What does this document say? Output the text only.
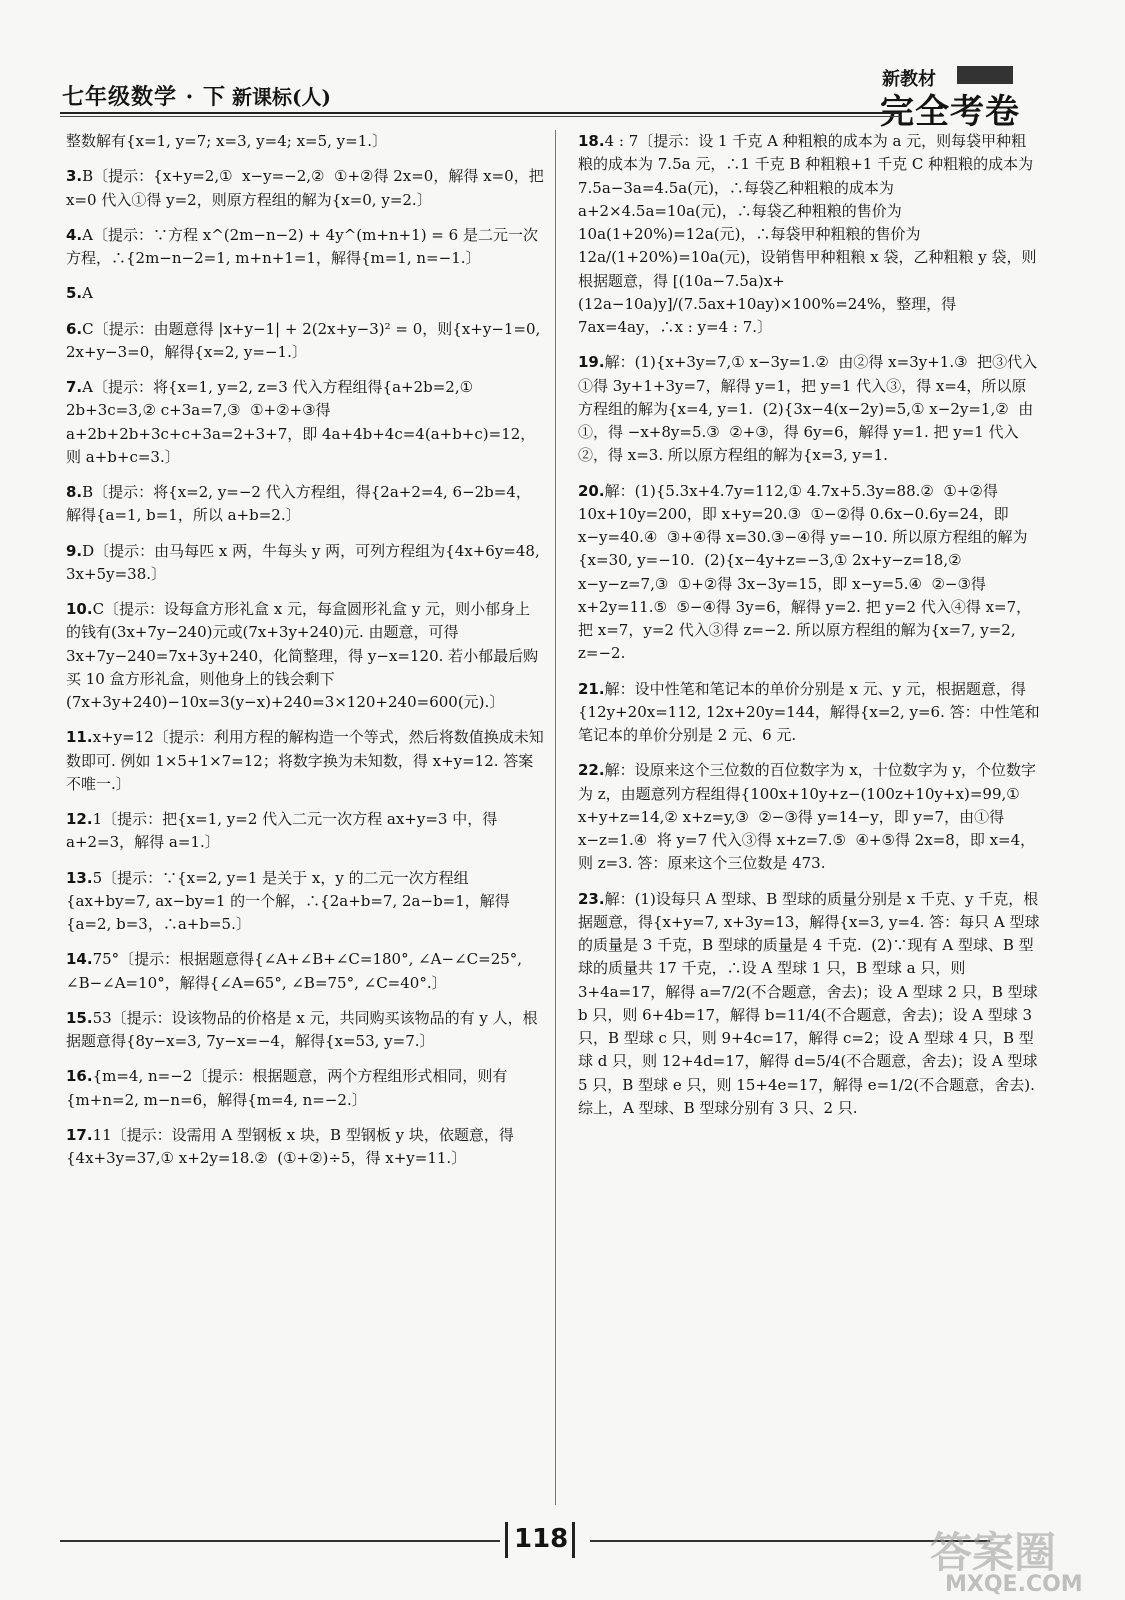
七年级数学 · 下 新课标(人)
新教材
完全考卷

整数解有{x=1, y=7; x=3, y=4; x=5, y=1.〕

3.B〔提示：{x+y=2,①  x−y=−2,②  ①+②得 2x=0，解得 x=0，把 x=0 代入①得 y=2，则原方程组的解为{x=0, y=2.〕

4.A〔提示：∵方程 x^(2m−n−2) + 4y^(m+n+1) = 6 是二元一次方程，∴{2m−n−2=1, m+n+1=1，解得{m=1, n=−1.〕

5.A

6.C〔提示：由题意得 |x+y−1| + 2(2x+y−3)² = 0，则{x+y−1=0, 2x+y−3=0，解得{x=2, y=−1.〕

7.A〔提示：将{x=1, y=2, z=3 代入方程组得{a+2b=2,① 2b+3c=3,② c+3a=7,③  ①+②+③得 a+2b+2b+3c+c+3a=2+3+7，即 4a+4b+4c=4(a+b+c)=12，则 a+b+c=3.〕

8.B〔提示：将{x=2, y=−2 代入方程组，得{2a+2=4, 6−2b=4，解得{a=1, b=1，所以 a+b=2.〕

9.D〔提示：由马每匹 x 两，牛每头 y 两，可列方程组为{4x+6y=48, 3x+5y=38.〕

10.C〔提示：设每盒方形礼盒 x 元，每盒圆形礼盒 y 元，则小郁身上的钱有(3x+7y−240)元或(7x+3y+240)元. 由题意，可得 3x+7y−240=7x+3y+240，化简整理，得 y−x=120. 若小郁最后购买 10 盒方形礼盒，则他身上的钱会剩下(7x+3y+240)−10x=3(y−x)+240=3×120+240=600(元).〕

11.x+y=12〔提示：利用方程的解构造一个等式，然后将数值换成未知数即可. 例如 1×5+1×7=12；将数字换为未知数，得 x+y=12. 答案不唯一.〕

12.1〔提示：把{x=1, y=2 代入二元一次方程 ax+y=3 中，得 a+2=3，解得 a=1.〕

13.5〔提示：∵{x=2, y=1 是关于 x，y 的二元一次方程组{ax+by=7, ax−by=1 的一个解，∴{2a+b=7, 2a−b=1，解得{a=2, b=3，∴a+b=5.〕

14.75°〔提示：根据题意得{∠A+∠B+∠C=180°, ∠A−∠C=25°, ∠B−∠A=10°，解得{∠A=65°, ∠B=75°, ∠C=40°.〕

15.53〔提示：设该物品的价格是 x 元，共同购买该物品的有 y 人，根据题意得{8y−x=3, 7y−x=−4，解得{x=53, y=7.〕

16.{m=4, n=−2〔提示：根据题意，两个方程组形式相同，则有{m+n=2, m−n=6，解得{m=4, n=−2.〕

17.11〔提示：设需用 A 型钢板 x 块，B 型钢板 y 块，依题意，得{4x+3y=37,① x+2y=18.②  (①+②)÷5，得 x+y=11.〕

18.4 : 7〔提示：设 1 千克 A 种粗粮的成本为 a 元，则每袋甲种粗粮的成本为 7.5a 元，∴1 千克 B 种粗粮+1 千克 C 种粗粮的成本为 7.5a−3a=4.5a(元)，∴每袋乙种粗粮的成本为 a+2×4.5a=10a(元)，∴每袋乙种粗粮的售价为 10a(1+20%)=12a(元)，∴每袋甲种粗粮的售价为 12a/(1+20%)=10a(元)，设销售甲种粗粮 x 袋，乙种粗粮 y 袋，则根据题意，得 [(10a−7.5a)x+(12a−10a)y]/(7.5ax+10ay)×100%=24%，整理，得 7ax=4ay，∴x : y=4 : 7.〕

19.解：(1){x+3y=7,① x−3y=1.②  由②得 x=3y+1.③  把③代入①得 3y+1+3y=7，解得 y=1，把 y=1 代入③，得 x=4，所以原方程组的解为{x=4, y=1.  (2){3x−4(x−2y)=5,① x−2y=1,②  由①，得 −x+8y=5.③  ②+③，得 6y=6，解得 y=1. 把 y=1 代入②，得 x=3. 所以原方程组的解为{x=3, y=1.

20.解：(1){5.3x+4.7y=112,① 4.7x+5.3y=88.②  ①+②得 10x+10y=200，即 x+y=20.③  ①−②得 0.6x−0.6y=24，即 x−y=40.④  ③+④得 x=30.③−④得 y=−10. 所以原方程组的解为{x=30, y=−10.  (2){x−4y+z=−3,① 2x+y−z=18,② x−y−z=7,③  ①+②得 3x−3y=15，即 x−y=5.④  ②−③得 x+2y=11.⑤  ⑤−④得 3y=6，解得 y=2. 把 y=2 代入④得 x=7，把 x=7，y=2 代入③得 z=−2. 所以原方程组的解为{x=7, y=2, z=−2.

21.解：设中性笔和笔记本的单价分别是 x 元、y 元，根据题意，得{12y+20x=112, 12x+20y=144，解得{x=2, y=6. 答：中性笔和笔记本的单价分别是 2 元、6 元.

22.解：设原来这个三位数的百位数字为 x，十位数字为 y，个位数字为 z，由题意列方程组得{100x+10y+z−(100z+10y+x)=99,① x+y+z=14,② x+z=y,③  ②−③得 y=14−y，即 y=7，由①得 x−z=1.④  将 y=7 代入③得 x+z=7.⑤  ④+⑤得 2x=8，即 x=4，则 z=3. 答：原来这个三位数是 473.

23.解：(1)设每只 A 型球、B 型球的质量分别是 x 千克、y 千克，根据题意，得{x+y=7, x+3y=13，解得{x=3, y=4. 答：每只 A 型球的质量是 3 千克，B 型球的质量是 4 千克.  (2)∵现有 A 型球、B 型球的质量共 17 千克，∴设 A 型球 1 只，B 型球 a 只，则 3+4a=17，解得 a=7/2(不合题意，舍去)；设 A 型球 2 只，B 型球 b 只，则 6+4b=17，解得 b=11/4(不合题意，舍去)；设 A 型球 3 只，B 型球 c 只，则 9+4c=17，解得 c=2；设 A 型球 4 只，B 型球 d 只，则 12+4d=17，解得 d=5/4(不合题意，舍去)；设 A 型球 5 只，B 型球 e 只，则 15+4e=17，解得 e=1/2(不合题意，舍去). 综上，A 型球、B 型球分别有 3 只、2 只.

118	答案圈
MXQE.COM
